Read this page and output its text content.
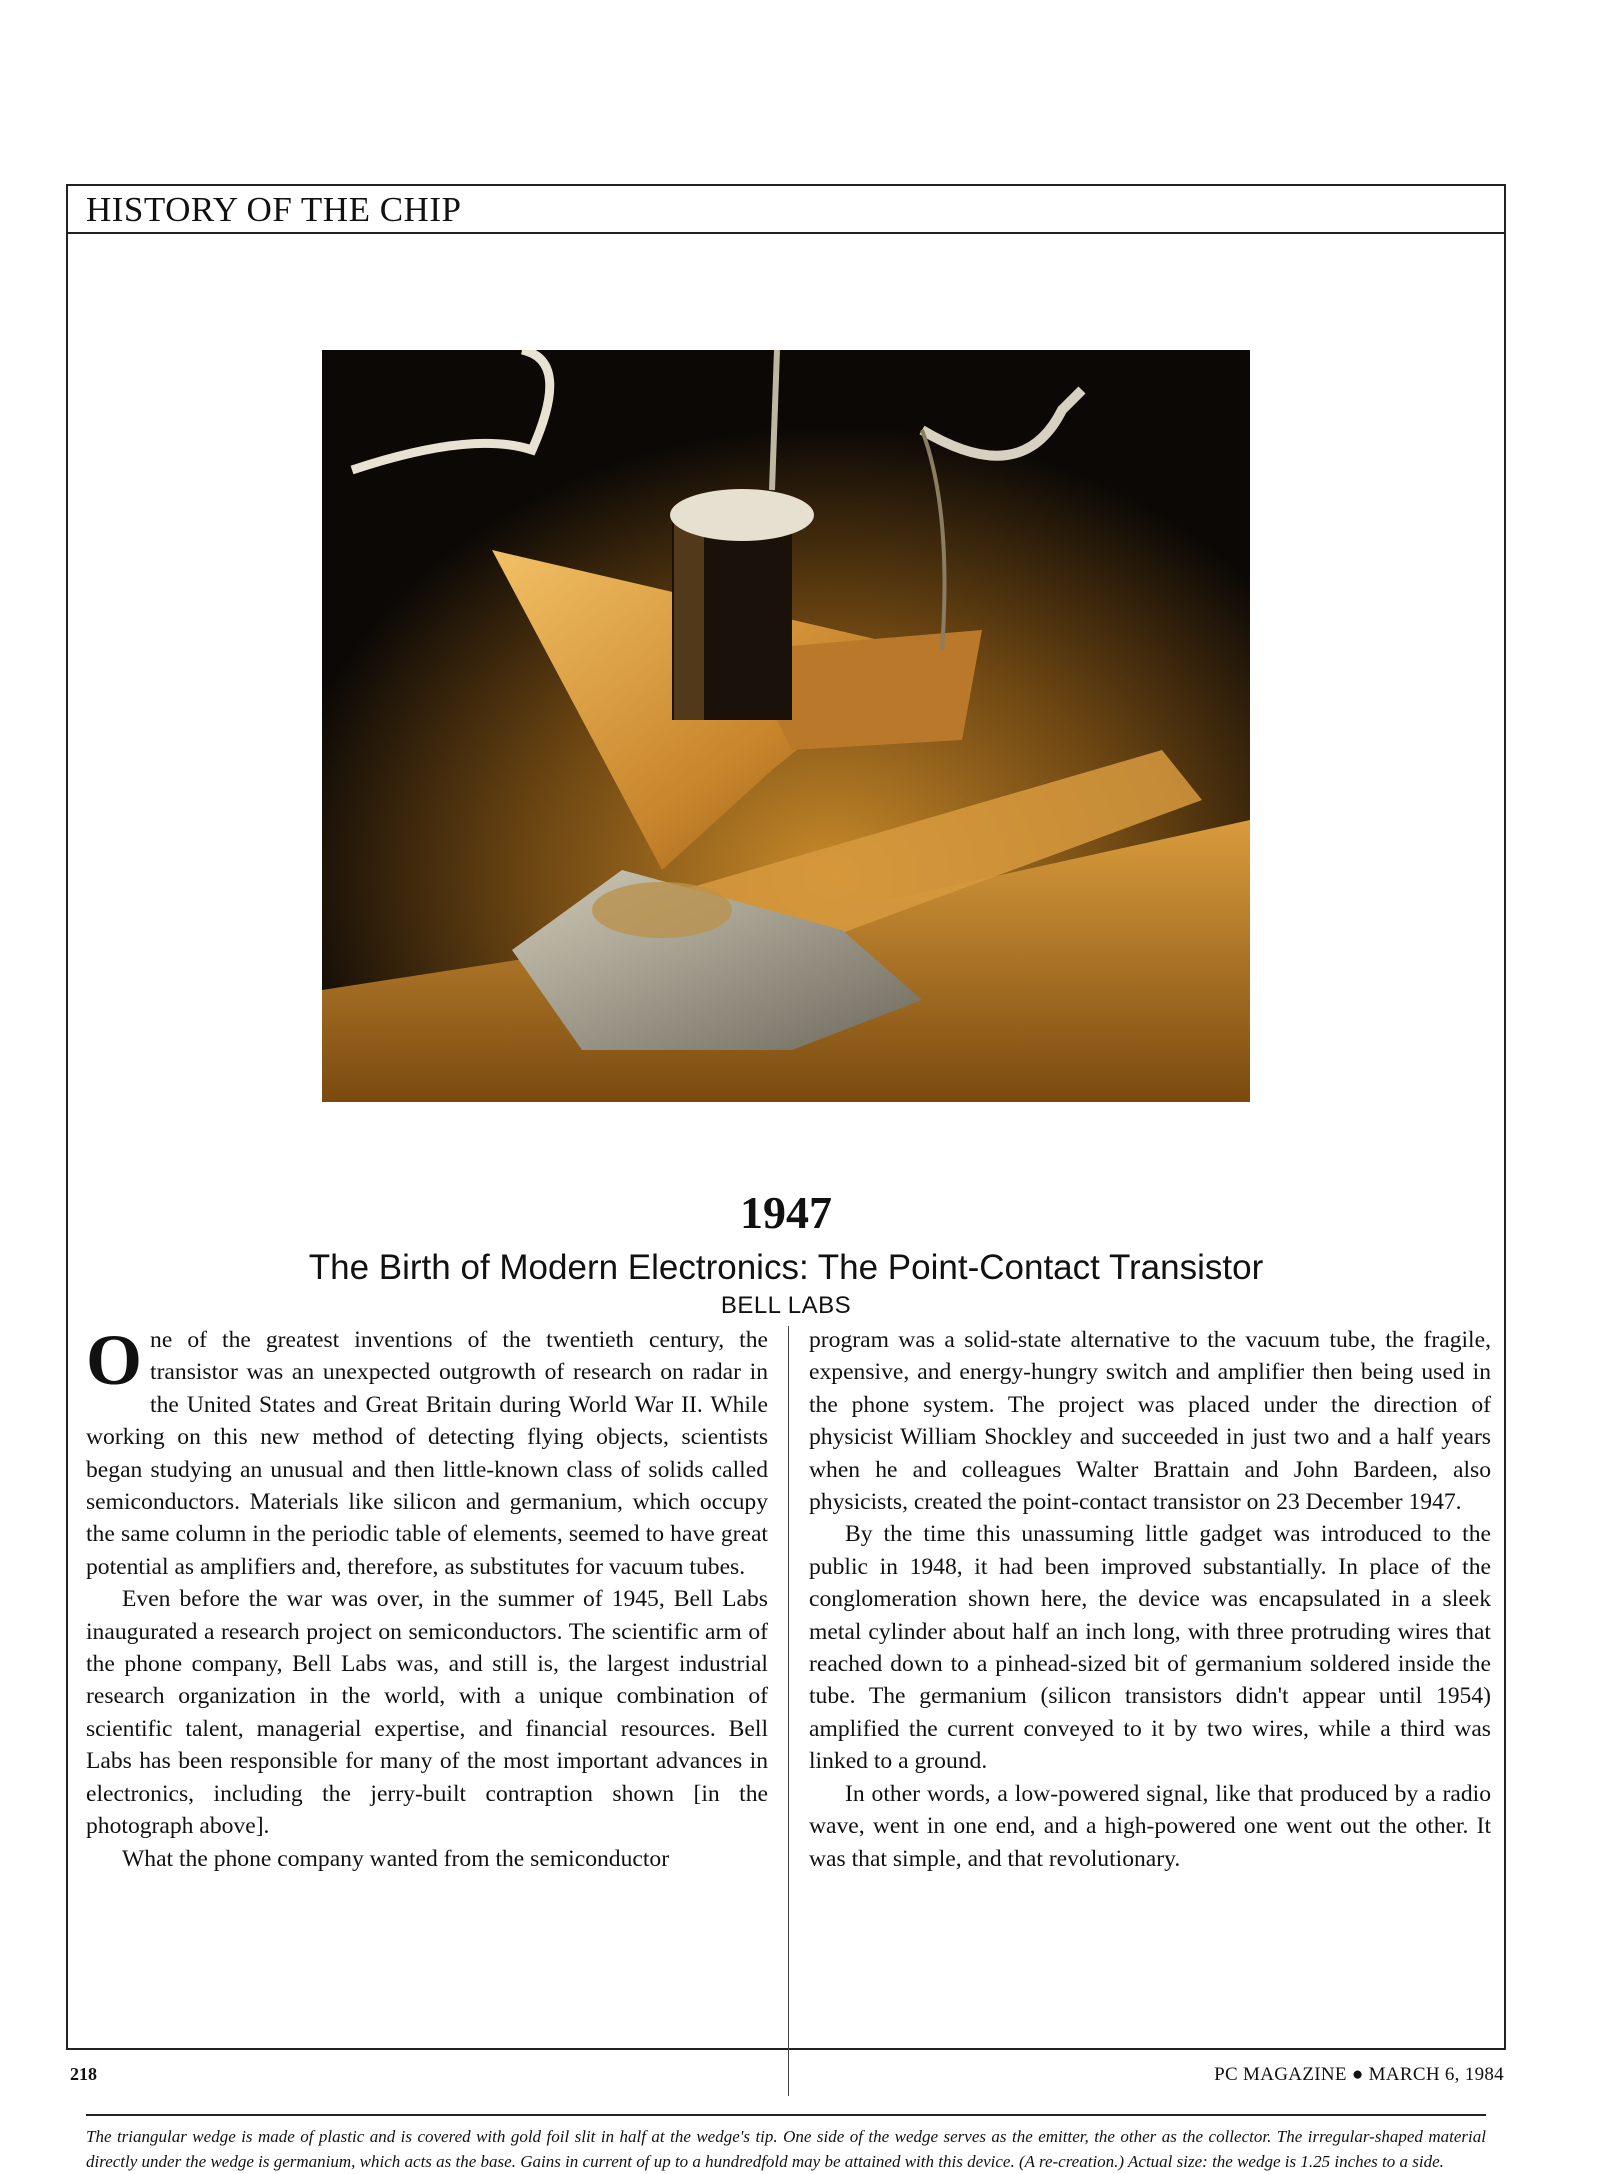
HISTORY OF THE CHIP
1947
The Birth of Modern Electronics: The Point-Contact Transistor
BELL LABS

One of the greatest inventions of the twentieth century, the transistor was an unexpected outgrowth of research on radar in the United States and Great Britain during World War II. While working on this new method of detecting flying objects, scientists began studying an unusual and then little-known class of solids called semiconductors. Materials like silicon and germanium, which occupy the same column in the periodic table of elements, seemed to have great potential as amplifiers and, therefore, as substitutes for vacuum tubes.

Even before the war was over, in the summer of 1945, Bell Labs inaugurated a research project on semiconductors. The scientific arm of the phone company, Bell Labs was, and still is, the largest industrial research organization in the world, with a unique combination of scientific talent, managerial expertise, and financial resources. Bell Labs has been responsible for many of the most important advances in electronics, including the jerry-built contraption shown [in the photograph above].

What the phone company wanted from the semiconductor

program was a solid-state alternative to the vacuum tube, the fragile, expensive, and energy-hungry switch and amplifier then being used in the phone system. The project was placed under the direction of physicist William Shockley and succeeded in just two and a half years when he and colleagues Walter Brattain and John Bardeen, also physicists, created the point-contact transistor on 23 December 1947.

By the time this unassuming little gadget was introduced to the public in 1948, it had been improved substantially. In place of the conglomeration shown here, the device was encapsulated in a sleek metal cylinder about half an inch long, with three protruding wires that reached down to a pinhead-sized bit of germanium soldered inside the tube. The germanium (silicon transistors didn't appear until 1954) amplified the current conveyed to it by two wires, while a third was linked to a ground.

In other words, a low-powered signal, like that produced by a radio wave, went in one end, and a high-powered one went out the other. It was that simple, and that revolutionary.

The triangular wedge is made of plastic and is covered with gold foil slit in half at the wedge's tip. One side of the wedge serves as the emitter, the other as the collector. The irregular-shaped material directly under the wedge is germanium, which acts as the base. Gains in current of up to a hundredfold may be attained with this device. (A re-creation.) Actual size: the wedge is 1.25 inches to a side.
218	PC MAGAZINE ● MARCH 6, 1984
